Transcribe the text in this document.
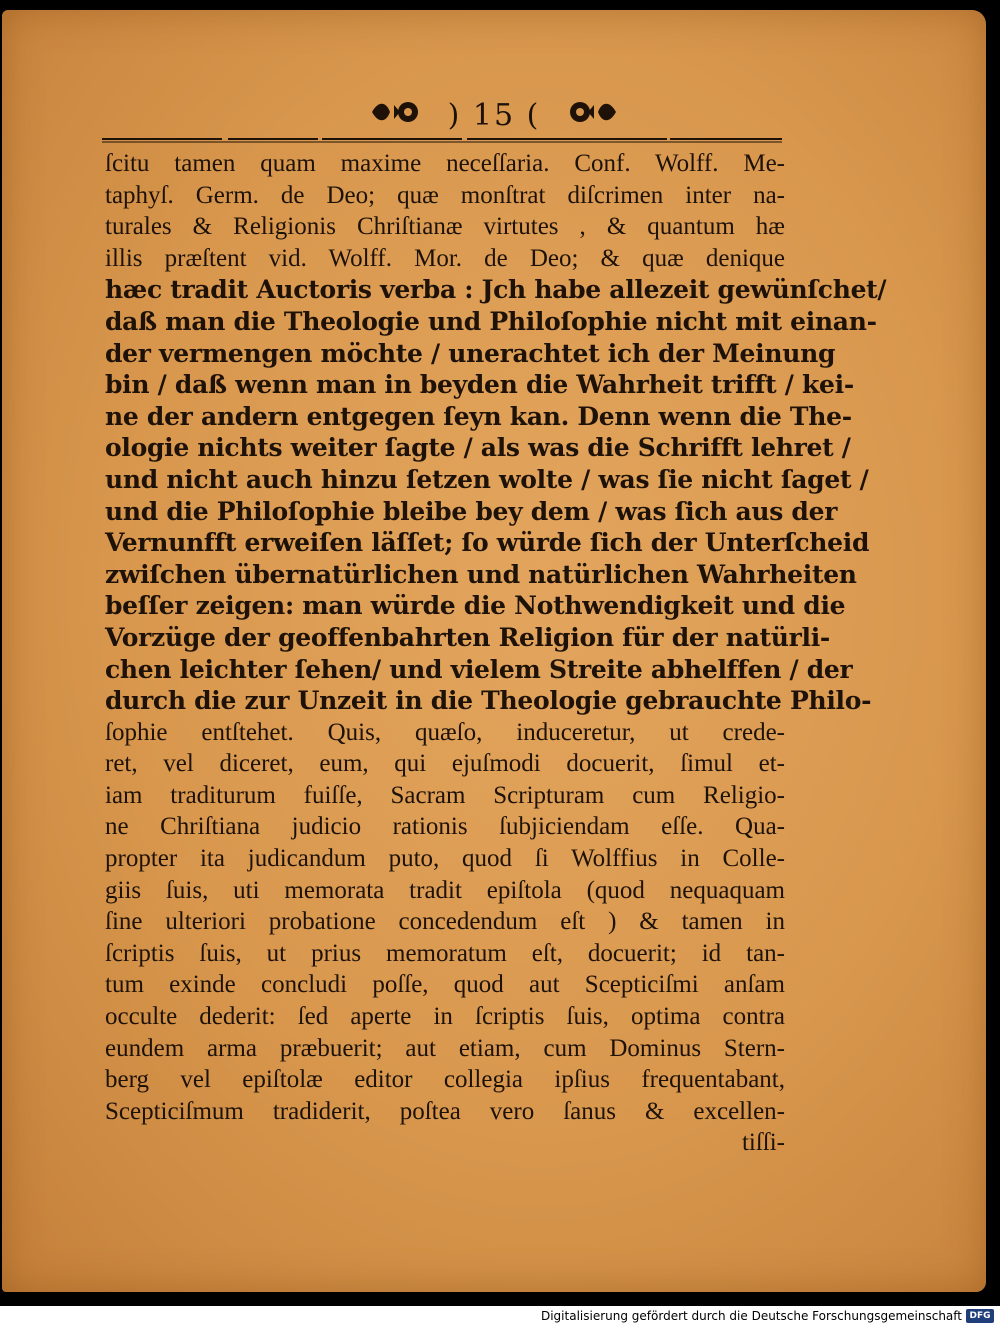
) 15 (
ſcitu tamen quam maxime neceſſaria. Conf. Wolff. Me-
taphyſ. Germ. de Deo; quæ monſtrat diſcrimen inter na-
turales & Religionis Chriſtianæ virtutes , & quantum hæ
illis præſtent vid. Wolff. Mor. de Deo; & quæ denique
hæc tradit Auctoris verba : Jch habe allezeit gewünſchet/
daß man die Theologie und Philoſophie nicht mit einan-
der vermengen möchte / unerachtet ich der Meinung
bin / daß wenn man in beyden die Wahrheit trifft / kei-
ne der andern entgegen ſeyn kan. Denn wenn die The-
ologie nichts weiter ſagte / als was die Schrifft lehret /
und nicht auch hinzu ſetzen wolte / was ſie nicht ſaget /
und die Philoſophie bleibe bey dem / was ſich aus der
Vernunfft erweiſen läſſet; ſo würde ſich der Unterſcheid
zwiſchen übernatürlichen und natürlichen Wahrheiten
beſſer zeigen: man würde die Nothwendigkeit und die
Vorzüge der geoffenbahrten Religion für der natürli-
chen leichter ſehen/ und vielem Streite abhelffen / der
durch die zur Unzeit in die Theologie gebrauchte Philo-
ſophie entſtehet. Quis, quæſo, induceretur, ut crede-
ret, vel diceret, eum, qui ejuſmodi docuerit, ſimul et-
iam traditurum fuiſſe, Sacram Scripturam cum Religio-
ne Chriſtiana judicio rationis ſubjiciendam eſſe. Qua-
propter ita judicandum puto, quod ſi Wolffius in Colle-
giis ſuis, uti memorata tradit epiſtola (quod nequaquam
ſine ulteriori probatione concedendum eſt ) & tamen in
ſcriptis ſuis, ut prius memoratum eſt, docuerit; id tan-
tum exinde concludi poſſe, quod aut Scepticiſmi anſam
occulte dederit: ſed aperte in ſcriptis ſuis, optima contra
eundem arma præbuerit; aut etiam, cum Dominus Stern-
berg vel epiſtolæ editor collegia ipſius frequentabant,
Scepticiſmum tradiderit, poſtea vero ſanus & excellen-
tiſſi-
Digitalisierung gefördert durch die Deutsche Forschungsgemeinschaft DFG
